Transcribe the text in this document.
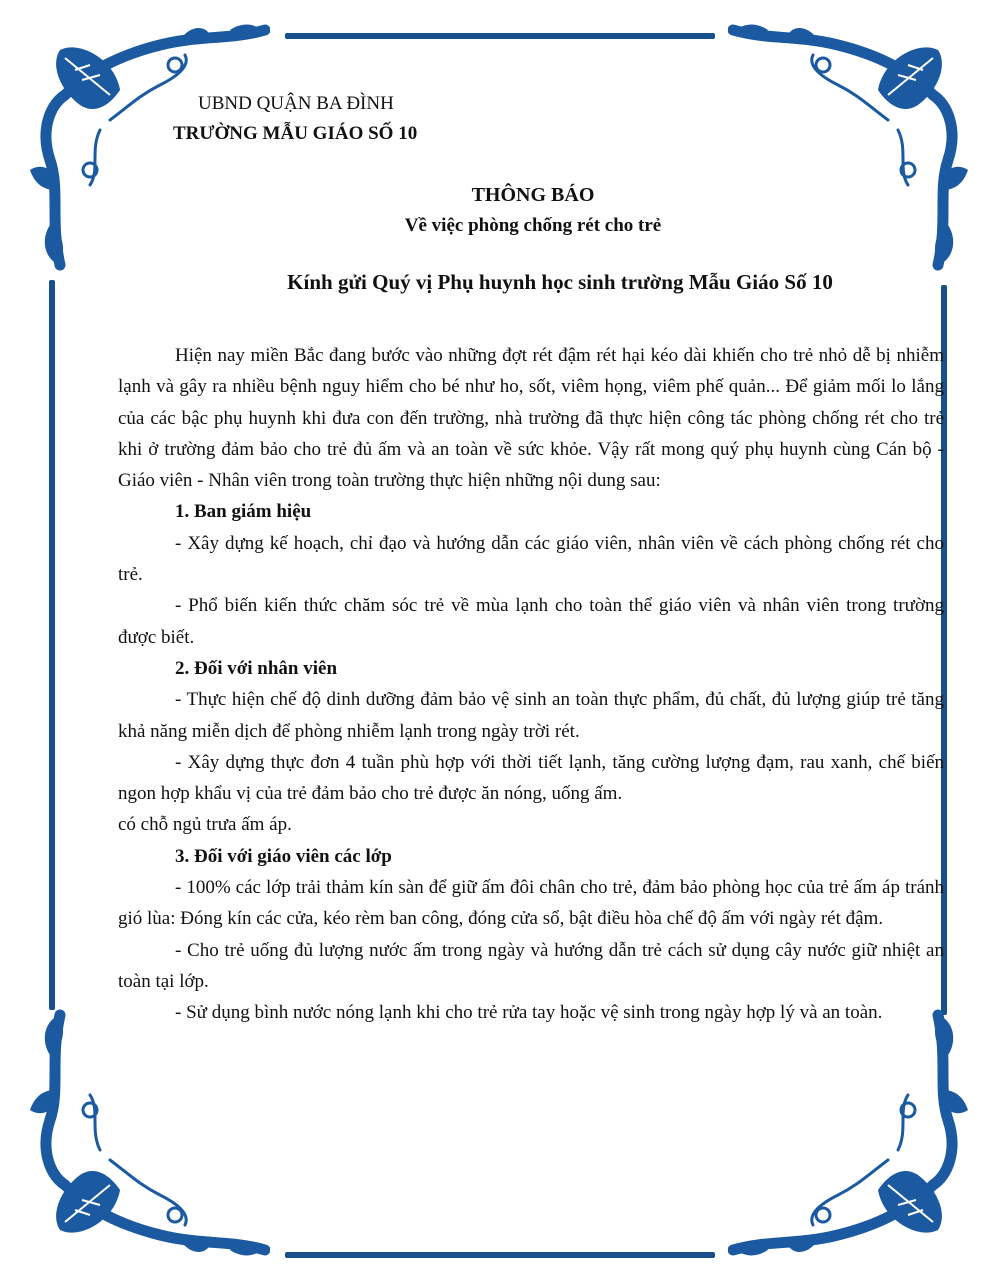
UBND QUẬN BA ĐÌNH
TRƯỜNG MẪU GIÁO SỐ 10
THÔNG BÁO
Về việc phòng chống rét cho trẻ
Kính gửi Quý vị Phụ huynh học sinh trường Mẫu Giáo Số 10

Hiện nay miền Bắc đang bước vào những đợt rét đậm rét hại kéo dài khiến cho trẻ nhỏ dễ bị nhiễm lạnh và gây ra nhiều bệnh nguy hiểm cho bé như ho, sốt, viêm họng, viêm phế quản... Để giảm mối lo lắng của các bậc phụ huynh khi đưa con đến trường, nhà trường đã thực hiện công tác phòng chống rét cho trẻ khi ở trường đảm bảo cho trẻ đủ ấm và an toàn về sức khỏe. Vậy rất mong quý phụ huynh cùng Cán bộ - Giáo viên - Nhân viên trong toàn trường thực hiện những nội dung sau:

1. Ban giám hiệu

- Xây dựng kế hoạch, chỉ đạo và hướng dẫn các giáo viên, nhân viên về cách phòng chống rét cho trẻ.

- Phổ biến kiến thức chăm sóc trẻ về mùa lạnh cho toàn thể giáo viên và nhân viên trong trường được biết.

2. Đối với nhân viên

- Thực hiện chế độ dinh dưỡng đảm bảo vệ sinh an toàn thực phẩm, đủ chất, đủ lượng giúp trẻ tăng khả năng miễn dịch để phòng nhiễm lạnh trong ngày trời rét.

- Xây dựng thực đơn 4 tuần phù hợp với thời tiết lạnh, tăng cường lượng đạm, rau xanh, chế biến ngon hợp khẩu vị của trẻ đảm bảo cho trẻ được ăn nóng, uống ấm.

có chỗ ngủ trưa ấm áp.

3. Đối với giáo viên các lớp

- 100% các lớp trải thảm kín sàn để giữ ấm đôi chân cho trẻ, đảm bảo phòng học của trẻ ấm áp tránh gió lùa: Đóng kín các cửa, kéo rèm ban công, đóng cửa sổ, bật điều hòa chế độ ấm với ngày rét đậm.

- Cho trẻ uống đủ lượng nước ấm trong ngày và hướng dẫn trẻ cách sử dụng cây nước giữ nhiệt an toàn tại lớp.

- Sử dụng bình nước nóng lạnh khi cho trẻ rửa tay hoặc vệ sinh trong ngày hợp lý và an toàn.
